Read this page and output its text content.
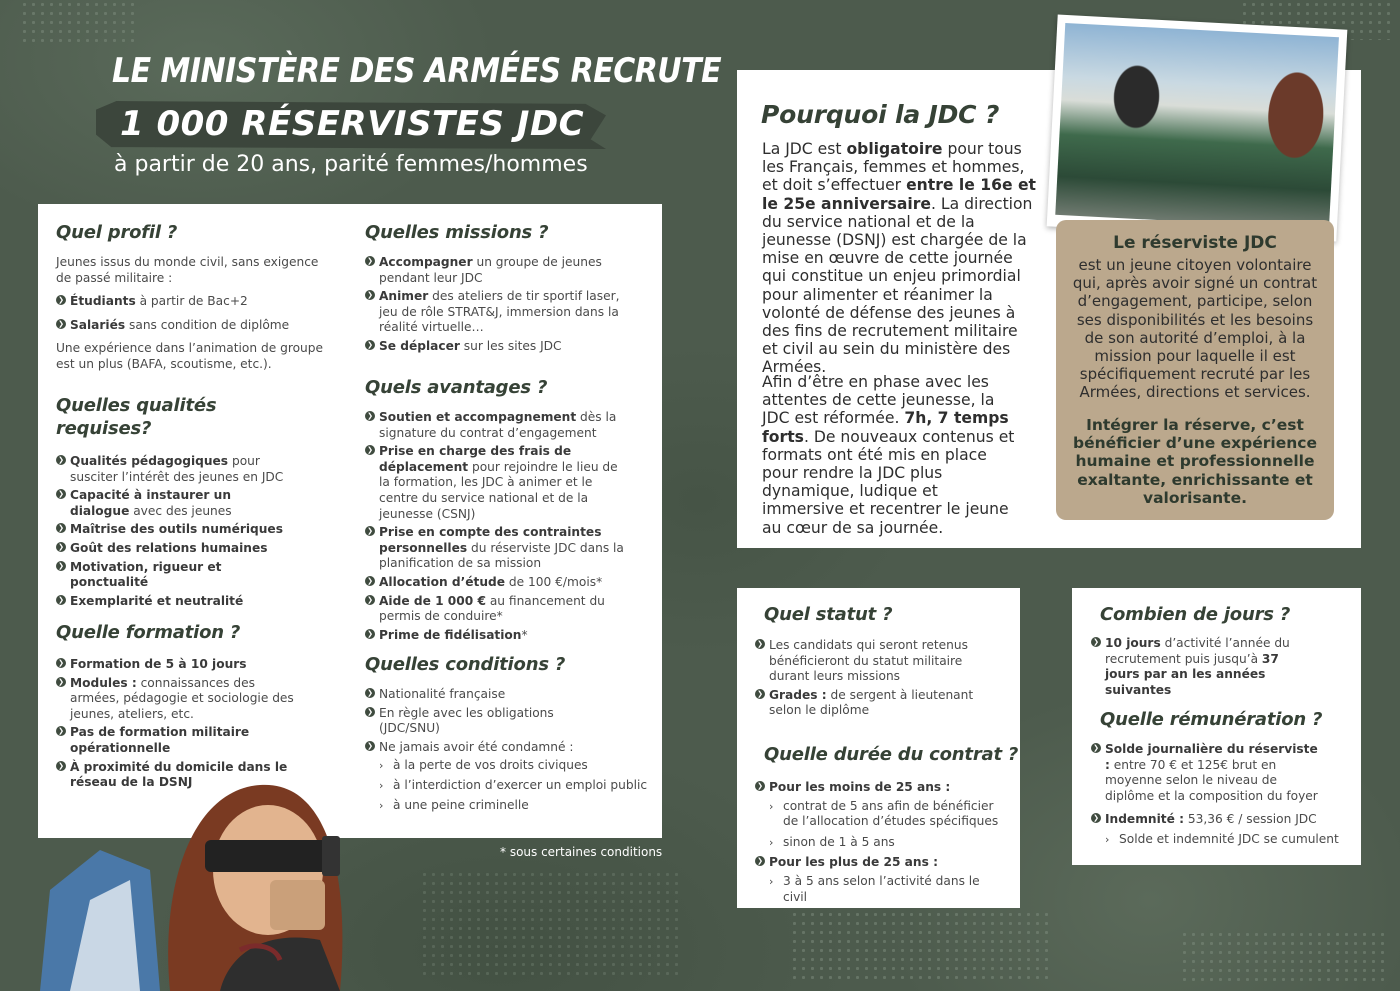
LE MINISTÈRE DES ARMÉES RECRUTE
1 000 RÉSERVISTES JDC
à partir de 20 ans, parité femmes/hommes
Quel profil ?
Jeunes issus du monde civil, sans exigence de passé militaire :
❯ Étudiants à partir de Bac+2
❯ Salariés sans condition de diplôme
Une expérience dans l’animation de groupe est un plus (BAFA, scoutisme, etc.).
Quelles qualités requises?
❯ Qualités pédagogiques pour susciter l’intérêt des jeunes en JDC
❯ Capacité à instaurer un dialogue avec des jeunes
❯ Maîtrise des outils numériques
❯ Goût des relations humaines
❯ Motivation, rigueur et ponctualité
❯ Exemplarité et neutralité
Quelle formation ?
❯ Formation de 5 à 10 jours
❯ Modules : connaissances des armées, pédagogie et sociologie des jeunes, ateliers, etc.
❯ Pas de formation militaire opérationnelle
❯ À proximité du domicile dans le réseau de la DSNJ
Quelles missions ?
❯ Accompagner un groupe de jeunes pendant leur JDC
❯ Animer des ateliers de tir sportif laser, jeu de rôle STRAT&J, immersion dans la réalité virtuelle…
❯ Se déplacer sur les sites JDC
Quels avantages ?
❯ Soutien et accompagnement dès la signature du contrat d’engagement
❯ Prise en charge des frais de déplacement pour rejoindre le lieu de la formation, les JDC à animer et le centre du service national et de la jeunesse (CSNJ)
❯ Prise en compte des contraintes personnelles du réserviste JDC dans la planification de sa mission
❯ Allocation d’étude de 100 €/mois*
❯ Aide de 1 000 € au financement du permis de conduire*
❯ Prime de fidélisation*
Quelles conditions ?
❯ Nationalité française
❯ En règle avec les obligations (JDC/SNU)
❯ Ne jamais avoir été condamné :
› à la perte de vos droits civiques
› à l’interdiction d’exercer un emploi public
› à une peine criminelle
* sous certaines conditions
Pourquoi la JDC ?
La JDC est obligatoire pour tous les Français, femmes et hommes, et doit s’effectuer entre le 16e et le 25e anniversaire. La direction du service national et de la jeunesse (DSNJ) est chargée de la mise en œuvre de cette journée qui constitue un enjeu primordial pour alimenter et réanimer la volonté de défense des jeunes à des fins de recrutement militaire et civil au sein du ministère des Armées.
Afin d’être en phase avec les attentes de cette jeunesse, la JDC est réformée. 7h, 7 temps forts. De nouveaux contenus et formats ont été mis en place pour rendre la JDC plus dynamique, ludique et immersive et recentrer le jeune au cœur de sa journée.
Le réserviste JDC
est un jeune citoyen volontaire qui, après avoir signé un contrat d’engagement, participe, selon ses disponibilités et les besoins de son autorité d’emploi, à la mission pour laquelle il est spécifiquement recruté par les Armées, directions et services.
Intégrer la réserve, c’est bénéficier d’une expérience humaine et professionnelle exaltante, enrichissante et valorisante.
Quel statut ?
❯ Les candidats qui seront retenus bénéficieront du statut militaire durant leurs missions
❯ Grades : de sergent à lieutenant selon le diplôme
Quelle durée du contrat ?
❯ Pour les moins de 25 ans :
› contrat de 5 ans afin de bénéficier de l’allocation d’études spécifiques
› sinon de 1 à 5 ans
❯ Pour les plus de 25 ans :
› 3 à 5 ans selon l’activité dans le civil
Combien de jours ?
❯ 10 jours d’activité l’année du recrutement puis jusqu’à 37 jours par an les années suivantes
Quelle rémunération ?
❯ Solde journalière du réserviste : entre 70 € et 125€ brut en moyenne selon le niveau de diplôme et la composition du foyer
❯ Indemnité : 53,36 € / session JDC
› Solde et indemnité JDC se cumulent
